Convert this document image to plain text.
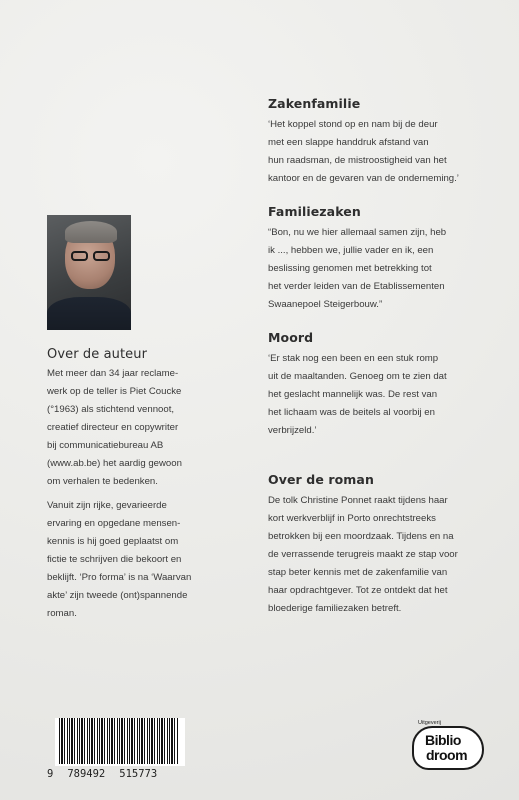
Zakenfamilie

‘Het koppel stond op en nam bij de deur
met een slappe handdruk afstand van
hun raadsman, de mistroostigheid van het
kantoor en de gevaren van de onderneming.’

Familiezaken

“Bon, nu we hier allemaal samen zijn, heb
ik ..., hebben we, jullie vader en ik, een
beslissing genomen met betrekking tot
het verder leiden van de Etablissementen
Swaanepoel Steigerbouw.”

Moord

‘Er stak nog een been en een stuk romp
uit de maaltanden. Genoeg om te zien dat
het geslacht mannelijk was. De rest van
het lichaam was de beitels al voorbij en
verbrijzeld.’

Over de roman

De tolk Christine Ponnet raakt tijdens haar
kort werkverblijf in Porto onrechtstreeks
betrokken bij een moordzaak. Tijdens en na
de verrassende terugreis maakt ze stap voor
stap beter kennis met de zakenfamilie van
haar opdrachtgever. Tot ze ontdekt dat het
bloederige familiezaken betreft.

Over de auteur

Met meer dan 34 jaar reclame-
werk op de teller is Piet Coucke
(°1963) als stichtend vennoot,
creatief directeur en copywriter
bij communicatiebureau AB
(www.ab.be) het aardig gewoon
om verhalen te bedenken.

Vanuit zijn rijke, gevarieerde
ervaring en opgedane mensen-
kennis is hij goed geplaatst om
fictie te schrijven die bekoort en
beklijft. ‘Pro forma’ is na ‘Waarvan
akte’ zijn tweede (ont)spannende
roman.

9 789492 515773
Uitgeverij
Biblio
droom
